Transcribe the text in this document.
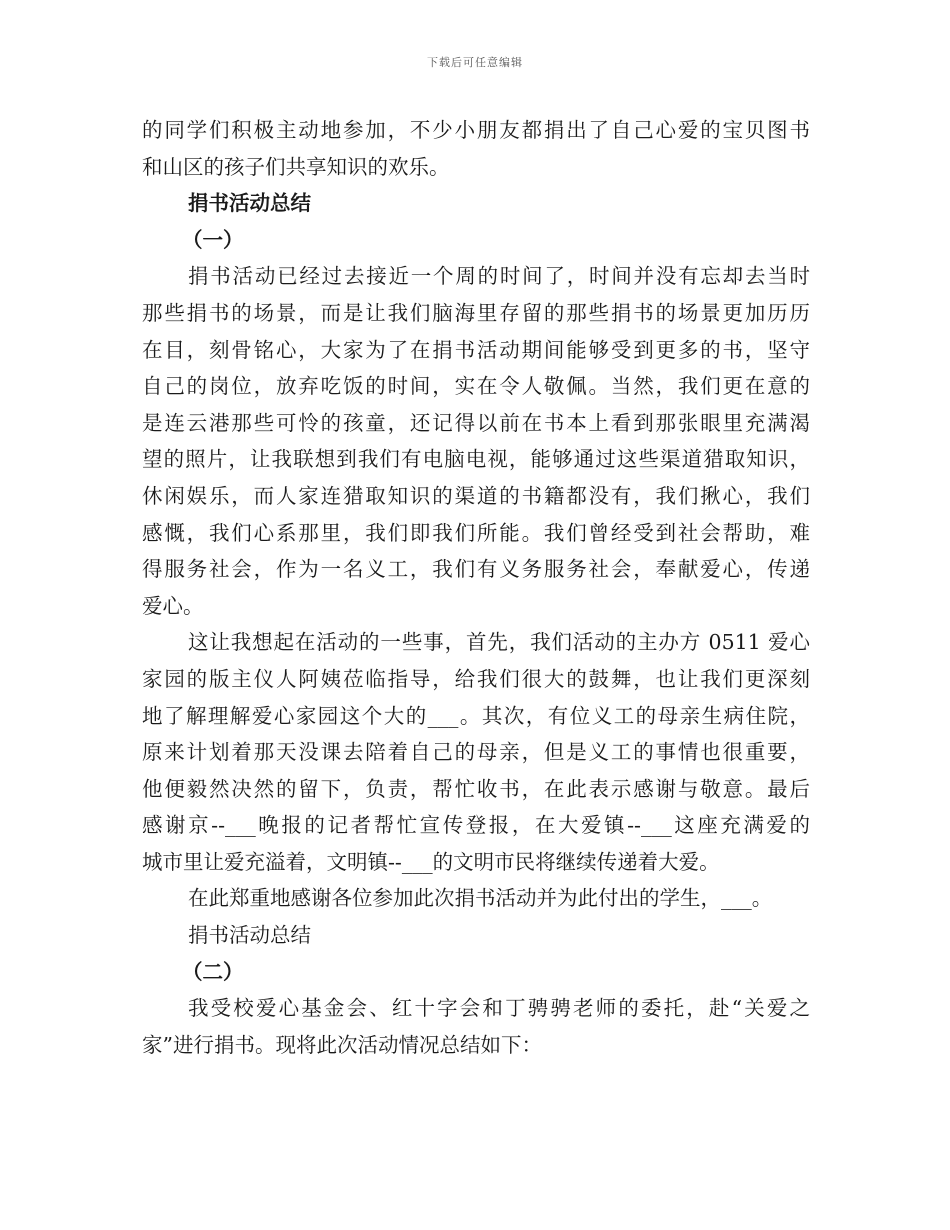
下载后可任意编辑
的同学们积极主动地参加，不少小朋友都捐出了自己心爱的宝贝图书
和山区的孩子们共享知识的欢乐。
捐书活动总结
（一）
捐书活动已经过去接近一个周的时间了，时间并没有忘却去当时
那些捐书的场景，而是让我们脑海里存留的那些捐书的场景更加历历
在目，刻骨铭心，大家为了在捐书活动期间能够受到更多的书，坚守
自己的岗位，放弃吃饭的时间，实在令人敬佩。当然，我们更在意的
是连云港那些可怜的孩童，还记得以前在书本上看到那张眼里充满渴
望的照片，让我联想到我们有电脑电视，能够通过这些渠道猎取知识，
休闲娱乐，而人家连猎取知识的渠道的书籍都没有，我们揪心，我们
感慨，我们心系那里，我们即我们所能。我们曾经受到社会帮助，难
得服务社会，作为一名义工，我们有义务服务社会，奉献爱心，传递
爱心。
这让我想起在活动的一些事，首先，我们活动的主办方 0511 爱心
家园的版主仪人阿姨莅临指导，给我们很大的鼓舞，也让我们更深刻
地了解理解爱心家园这个大的___。其次，有位义工的母亲生病住院，
原来计划着那天没课去陪着自己的母亲，但是义工的事情也很重要，
他便毅然决然的留下，负责，帮忙收书，在此表示感谢与敬意。最后
感谢京--___晚报的记者帮忙宣传登报，在大爱镇--___这座充满爱的
城市里让爱充溢着，文明镇--___的文明市民将继续传递着大爱。
在此郑重地感谢各位参加此次捐书活动并为此付出的学生，___。
捐书活动总结
（二）
我受校爱心基金会、红十字会和丁骋骋老师的委托，赴“关爱之
家”进行捐书。现将此次活动情况总结如下：
